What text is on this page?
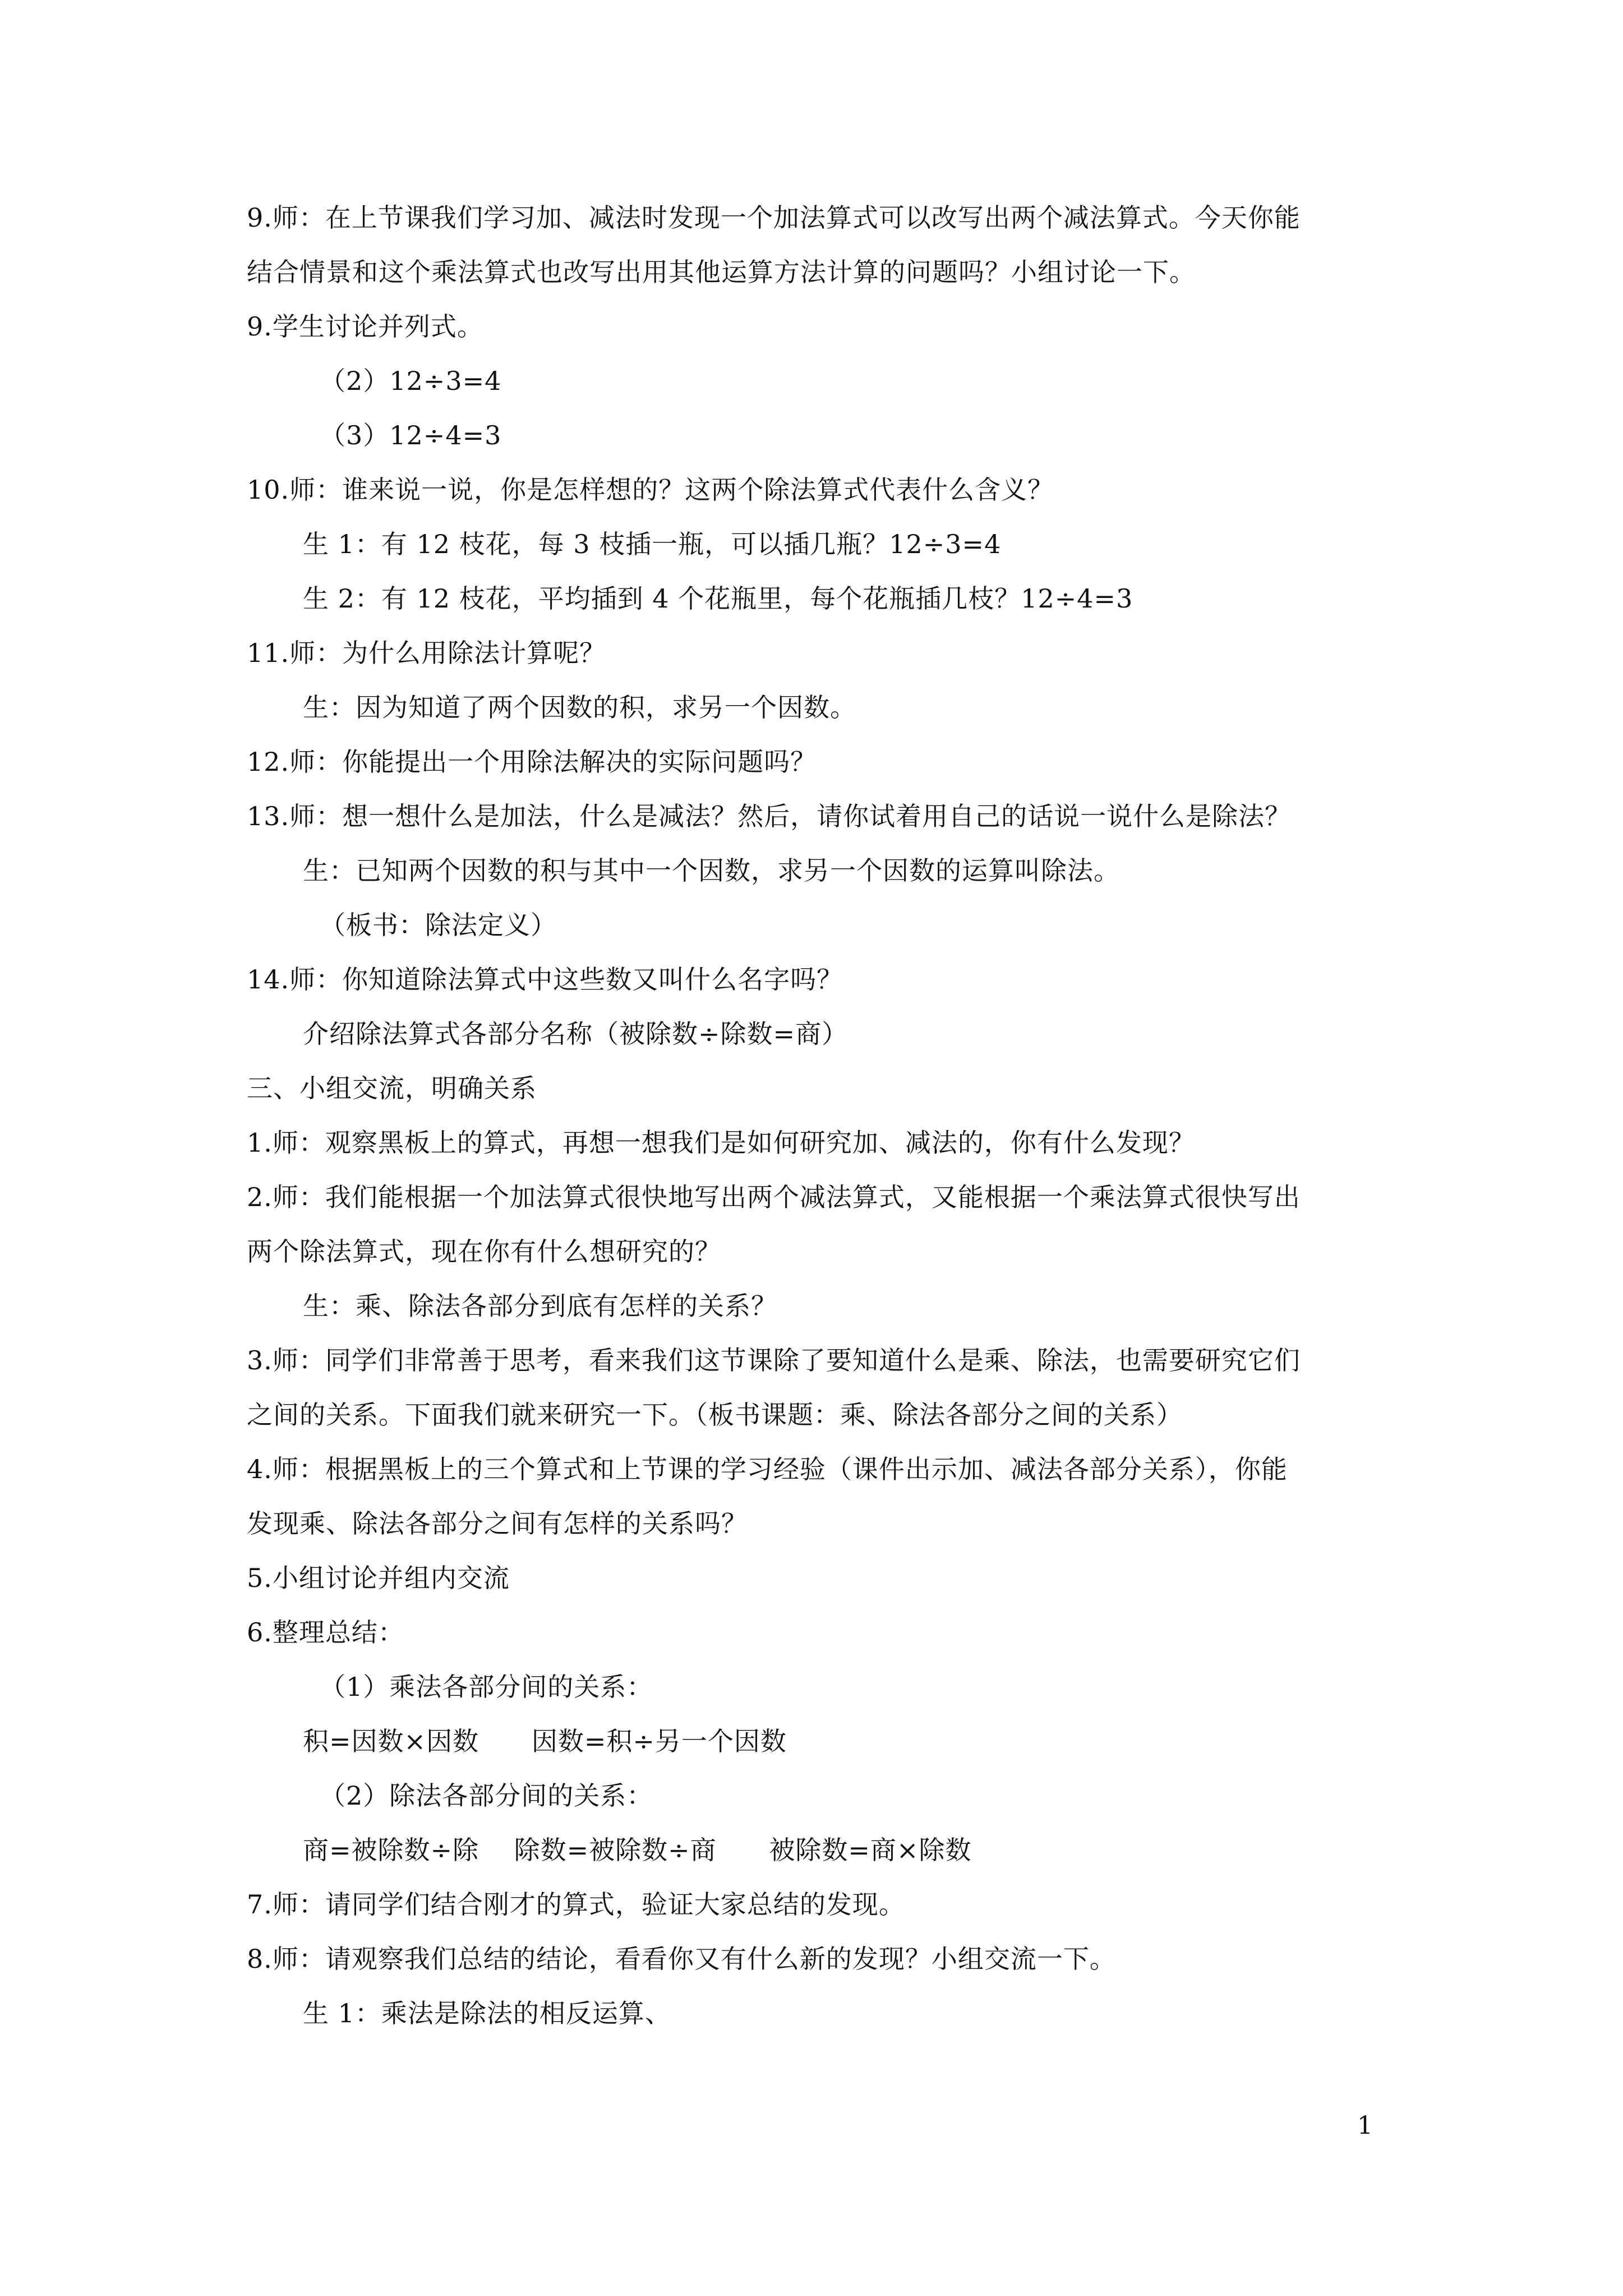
9.师：在上节课我们学习加、减法时发现一个加法算式可以改写出两个减法算式。今天你能
结合情景和这个乘法算式也改写出用其他运算方法计算的问题吗？小组讨论一下。
9.学生讨论并列式。
（2）12÷3=4
（3）12÷4=3
10.师：谁来说一说，你是怎样想的？这两个除法算式代表什么含义？
生 1：有 12 枝花，每 3 枝插一瓶，可以插几瓶？12÷3=4
生 2：有 12 枝花，平均插到 4 个花瓶里，每个花瓶插几枝？12÷4=3
11.师：为什么用除法计算呢？
生：因为知道了两个因数的积，求另一个因数。
12.师：你能提出一个用除法解决的实际问题吗？
13.师：想一想什么是加法，什么是减法？然后，请你试着用自己的话说一说什么是除法？
生：已知两个因数的积与其中一个因数，求另一个因数的运算叫除法。
（板书：除法定义）
14.师：你知道除法算式中这些数又叫什么名字吗？
介绍除法算式各部分名称（被除数÷除数=商）
三、小组交流，明确关系
1.师：观察黑板上的算式，再想一想我们是如何研究加、减法的，你有什么发现？
2.师：我们能根据一个加法算式很快地写出两个减法算式，又能根据一个乘法算式很快写出
两个除法算式，现在你有什么想研究的？
生：乘、除法各部分到底有怎样的关系？
3.师：同学们非常善于思考，看来我们这节课除了要知道什么是乘、除法，也需要研究它们
之间的关系。下面我们就来研究一下。（板书课题：乘、除法各部分之间的关系）
4.师：根据黑板上的三个算式和上节课的学习经验（课件出示加、减法各部分关系），你能
发现乘、除法各部分之间有怎样的关系吗？
5.小组讨论并组内交流
6.整理总结：
（1）乘法各部分间的关系：
积=因数×因数      因数=积÷另一个因数
（2）除法各部分间的关系：
商=被除数÷除    除数=被除数÷商      被除数=商×除数
7.师：请同学们结合刚才的算式，验证大家总结的发现。
8.师：请观察我们总结的结论，看看你又有什么新的发现？小组交流一下。
生 1：乘法是除法的相反运算、
1
